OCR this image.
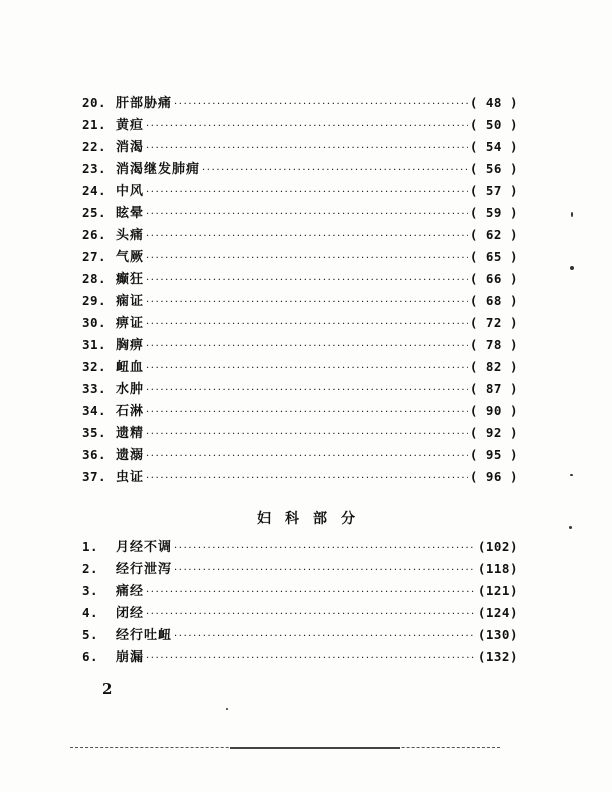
20. 肝部胁痛 ·····	( 48 )
21. 黄疸 ·····	( 50 )
22. 消渴 ·····	( 54 )
23. 消渴继发肺痈 ·····	( 56 )
24. 中风 ·····	( 57 )
25. 眩晕 ·····	( 59 )
26. 头痛 ·····	( 62 )
27. 气厥 ·····	( 65 )
28. 癫狂 ·····	( 66 )
29. 痫证 ·····	( 68 )
30. 痹证 ·····	( 72 )
31. 胸痹 ·····	( 78 )
32. 衄血 ·····	( 82 )
33. 水肿 ·····	( 87 )
34. 石淋 ·····	( 90 )
35. 遗精 ·····	( 92 )
36. 遗溺 ·····	( 95 )
37. 虫证 ·····	( 96 )
妇科部分
1.	月经不调 ·····	(102)
2.	经行泄泻 ·····	(118)
3.	痛经 ·····	(121)
4.	闭经 ·····	(124)
5.	经行吐衄 ·····	(130)
6.	崩漏 ·····	(132)
2
